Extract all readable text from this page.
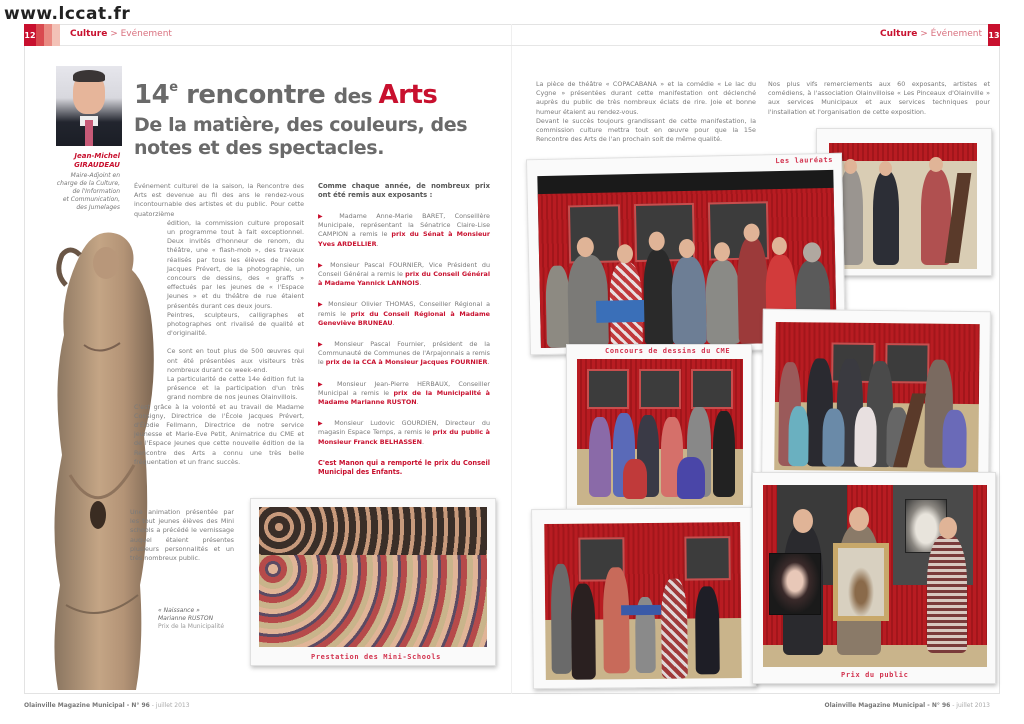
www.lccat.fr
12	Culture > Evénement	Culture > Événement 13
Jean-Michel
GIRAUDEAU
Maire-Adjoint en
charge de la Culture,
de l'Information
et Communication,
des Jumelages
14e rencontre des Arts
De la matière, des couleurs, des notes et des spectacles.

Événement culturel de la saison, la Rencontre des Arts est devenue au fil des ans le rendez-vous incontournable des artistes et du public. Pour cette quatorzième

édition, la commission culture proposait un programme tout à fait exceptionnel. Deux invités d'honneur de renom, du théâtre, une « flash-mob », des travaux réalisés par tous les élèves de l'école Jacques Prévert, de la photographie, un concours de dessins, des « graffs » effectués par les jeunes de « l'Espace Jeunes » et du théâtre de rue étaient présentés durant ces deux jours.

Peintres, sculpteurs, calligraphes et photographes ont rivalisé de qualité et d'originalité.

Ce sont en tout plus de 500 œuvres qui ont été présentées aux visiteurs très nombreux durant ce week-end.

La particularité de cette 14e édition fut la présence et la participation d'un très grand nombre de nos jeunes Olainvillois.

C'est grâce à la volonté et au travail de Madame Consigny, Directrice de l'École Jacques Prévert, d'Élodie Fellmann, Directrice de notre service jeunesse et Marie-Eve Petit, Animatrice du CME et de l'Espace Jeunes que cette nouvelle édition de la Rencontre des Arts a connu une très belle fréquentation et un franc succès.

Une animation présentée par les tout jeunes élèves des Mini schools a précédé le vernissage auquel étaient présentes plusieurs personnalités et un très nombreux public.

« Naissance »
Marianne RUSTON
Prix de la Municipalité

Comme chaque année, de nombreux prix ont été remis aux exposants :

▶ Madame Anne-Marie BARET, Conseillère Municipale, représentant la Sénatrice Claire-Lise CAMPION a remis le prix du Sénat à Monsieur Yves ARDELLIER.

▶ Monsieur Pascal FOURNIER, Vice Président du Conseil Général a remis le prix du Conseil Général à Madame Yannick LANNOIS.

▶ Monsieur Olivier THOMAS, Conseiller Régional a remis le prix du Conseil Régional à Madame Geneviève BRUNEAU.

▶ Monsieur Pascal Fournier, président de la Communauté de Communes de l'Arpajonnais a remis le prix de la CCA à Monsieur Jacques FOURNIER.

▶ Monsieur Jean-Pierre HERBAUX, Conseiller Municipal a remis le prix de la Municipalité à Madame Marianne RUSTON.

▶ Monsieur Ludovic GOURDIEN, Directeur du magasin Espace Temps, a remis le prix du public à Monsieur Franck BELHASSEN.

C'est Manon qui a remporté le prix du Conseil Municipal des Enfants.

Prestation des Mini-Schools

La pièce de théâtre « COPACABANA » et la comédie « Le lac du Cygne » présentées durant cette manifestation ont déclenché auprès du public de très nombreux éclats de rire. Joie et bonne humeur étaient au rendez-vous.

Devant le succès toujours grandissant de cette manifestation, la commission culture mettra tout en œuvre pour que la 15e Rencontre des Arts de l'an prochain soit de même qualité.

Nos plus vifs remerciements aux 60 exposants, artistes et comédiens, à l'association Olainvilloise « Les Pinceaux d'Olainville » aux services Municipaux et aux services techniques pour l'installation et l'organisation de cette exposition.

Les lauréats
Concours de dessins du CME
Prix du public
Olainville Magazine Municipal - N° 96 - juillet 2013	Olainville Magazine Municipal - N° 96 - juillet 2013
